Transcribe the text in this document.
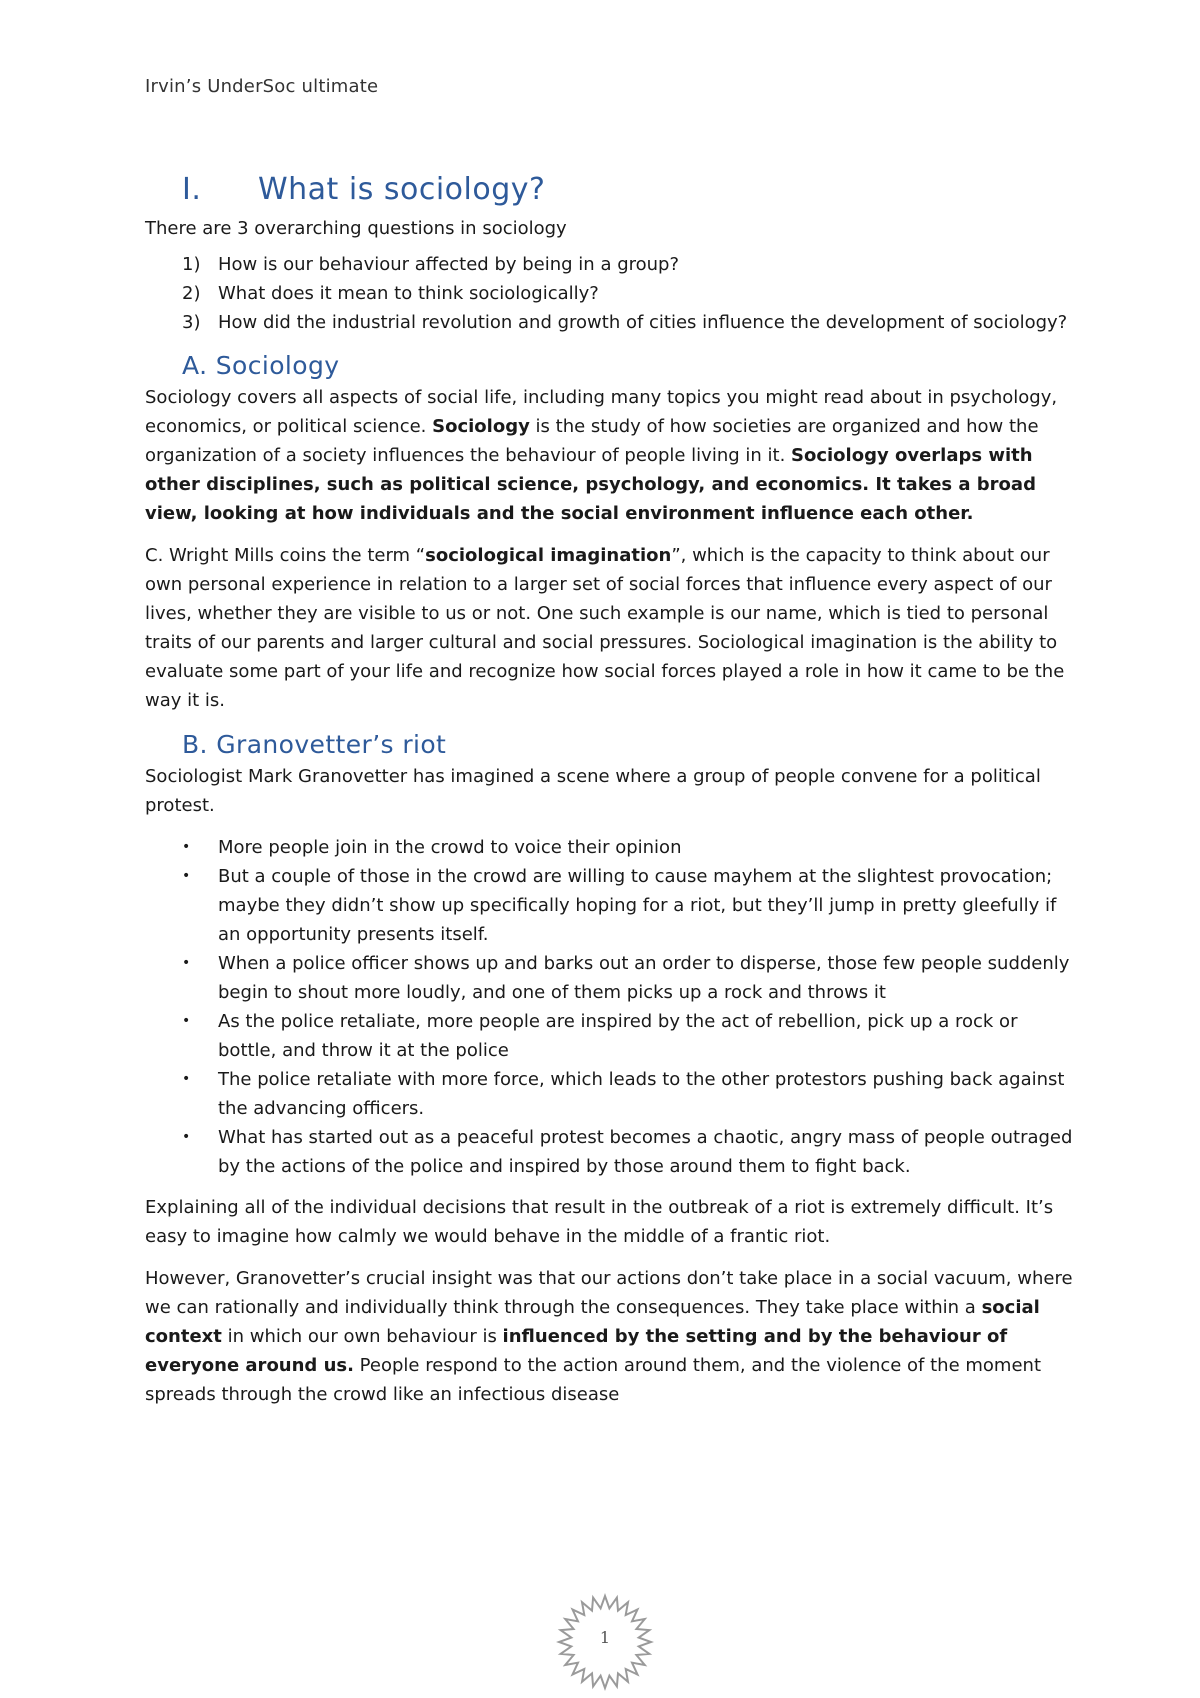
Irvin’s UnderSoc ultimate
I.	What is sociology?

There are 3 overarching questions in sociology

1) How is our behaviour affected by being in a group?
2) What does it mean to think sociologically?
3) How did the industrial revolution and growth of cities influence the development of sociology?
A. Sociology

Sociology covers all aspects of social life, including many topics you might read about in psychology, economics, or political science. Sociology is the study of how societies are organized and how the organization of a society influences the behaviour of people living in it. Sociology overlaps with other disciplines, such as political science, psychology, and economics. It takes a broad view, looking at how individuals and the social environment influence each other.

C. Wright Mills coins the term “sociological imagination”, which is the capacity to think about our own personal experience in relation to a larger set of social forces that influence every aspect of our lives, whether they are visible to us or not. One such example is our name, which is tied to personal traits of our parents and larger cultural and social pressures. Sociological imagination is the ability to evaluate some part of your life and recognize how social forces played a role in how it came to be the way it is.

B. Granovetter’s riot

Sociologist Mark Granovetter has imagined a scene where a group of people convene for a political protest.

•	More people join in the crowd to voice their opinion
•	But a couple of those in the crowd are willing to cause mayhem at the slightest provocation; maybe they didn’t show up specifically hoping for a riot, but they’ll jump in pretty gleefully if an opportunity presents itself.
•	When a police officer shows up and barks out an order to disperse, those few people suddenly begin to shout more loudly, and one of them picks up a rock and throws it
•	As the police retaliate, more people are inspired by the act of rebellion, pick up a rock or bottle, and throw it at the police
•	The police retaliate with more force, which leads to the other protestors pushing back against the advancing officers.
•	What has started out as a peaceful protest becomes a chaotic, angry mass of people outraged by the actions of the police and inspired by those around them to fight back.

Explaining all of the individual decisions that result in the outbreak of a riot is extremely difficult. It’s easy to imagine how calmly we would behave in the middle of a frantic riot.

However, Granovetter’s crucial insight was that our actions don’t take place in a social vacuum, where we can rationally and individually think through the consequences. They take place within a social context in which our own behaviour is influenced by the setting and by the behaviour of everyone around us. People respond to the action around them, and the violence of the moment spreads through the crowd like an infectious disease

1
